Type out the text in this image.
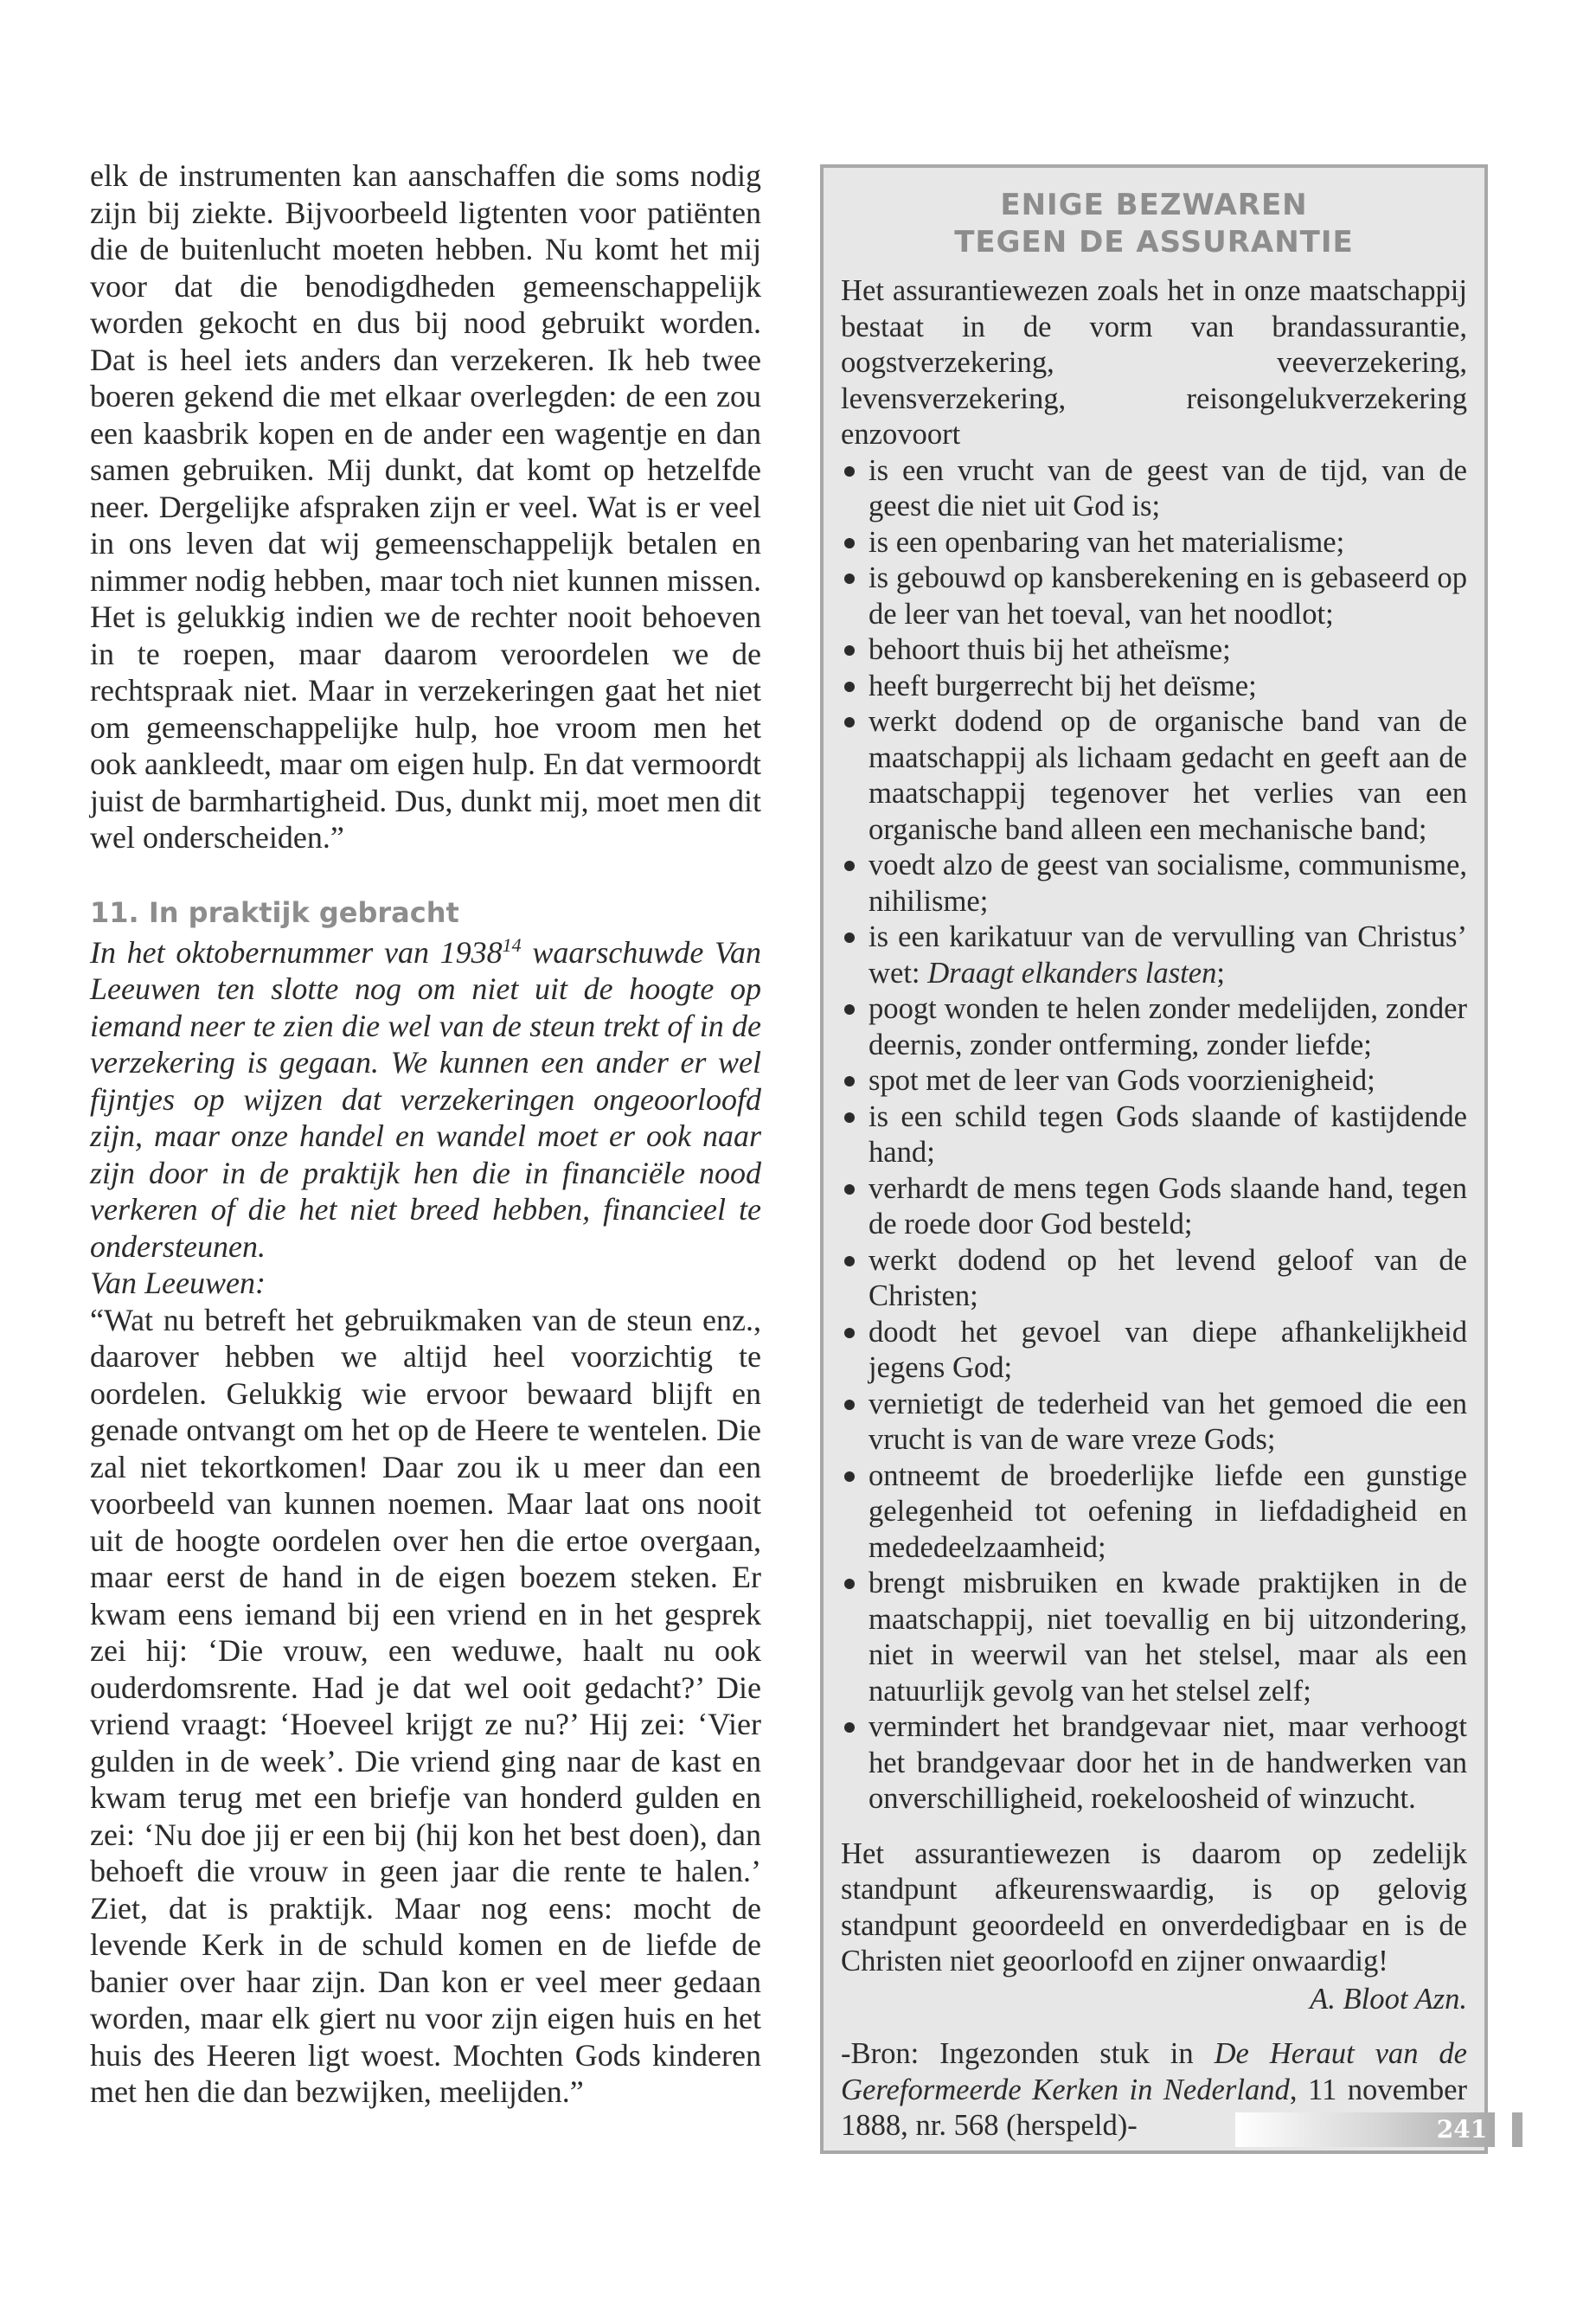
elk de instrumenten kan aanschaffen die soms nodig zijn bij ziekte. Bijvoorbeeld ligtenten voor patiënten die de buitenlucht moeten hebben. Nu komt het mij voor dat die benodigdheden gemeenschappelijk worden gekocht en dus bij nood gebruikt worden. Dat is heel iets anders dan verzekeren. Ik heb twee boeren gekend die met elkaar overlegden: de een zou een kaasbrik kopen en de ander een wagentje en dan samen gebruiken. Mij dunkt, dat komt op hetzelfde neer. Dergelijke afspraken zijn er veel. Wat is er veel in ons leven dat wij gemeenschappelijk betalen en nimmer nodig hebben, maar toch niet kunnen missen. Het is gelukkig indien we de rechter nooit behoeven in te roepen, maar daarom veroordelen we de rechtspraak niet. Maar in verzekeringen gaat het niet om gemeenschappelijke hulp, hoe vroom men het ook aankleedt, maar om eigen hulp. En dat vermoordt juist de barmhartigheid. Dus, dunkt mij, moet men dit wel onderscheiden.”

11. In praktijk gebracht

In het oktobernummer van 1938$^{14}$ waarschuwde Van Leeuwen ten slotte nog om niet uit de hoogte op iemand neer te zien die wel van de steun trekt of in de verzekering is gegaan. We kunnen een ander er wel fijntjes op wijzen dat verzekeringen ongeoorloofd zijn, maar onze handel en wandel moet er ook naar zijn door in de praktijk hen die in financiële nood verkeren of die het niet breed hebben, financieel te ondersteunen.
Van Leeuwen:

“Wat nu betreft het gebruikmaken van de steun enz., daarover hebben we altijd heel voorzichtig te oordelen. Gelukkig wie ervoor bewaard blijft en genade ontvangt om het op de Heere te wentelen. Die zal niet tekortkomen! Daar zou ik u meer dan een voorbeeld van kunnen noemen. Maar laat ons nooit uit de hoogte oordelen over hen die ertoe overgaan, maar eerst de hand in de eigen boezem steken. Er kwam eens iemand bij een vriend en in het gesprek zei hij: ‘Die vrouw, een weduwe, haalt nu ook ouderdomsrente. Had je dat wel ooit gedacht?’ Die vriend vraagt: ‘Hoeveel krijgt ze nu?’ Hij zei: ‘Vier gulden in de week’. Die vriend ging naar de kast en kwam terug met een briefje van honderd gulden en zei: ‘Nu doe jij er een bij (hij kon het best doen), dan behoeft die vrouw in geen jaar die rente te halen.’ Ziet, dat is praktijk. Maar nog eens: mocht de levende Kerk in de schuld komen en de liefde de banier over haar zijn. Dan kon er veel meer gedaan worden, maar elk giert nu voor zijn eigen huis en het huis des Heeren ligt woest. Mochten Gods kinderen met hen die dan bezwijken, meelijden.”

ENIGE BEZWAREN
TEGEN DE ASSURANTIE

Het assurantiewezen zoals het in onze maatschappij bestaat in de vorm van brandassurantie, oogstverzekering, veeverzekering, levensverzekering, reisongelukverzekering enzovoort

is een vrucht van de geest van de tijd, van de geest die niet uit God is;
is een openbaring van het materialisme;
is gebouwd op kansberekening en is gebaseerd op de leer van het toeval, van het noodlot;
behoort thuis bij het atheïsme;
heeft burgerrecht bij het deïsme;
werkt dodend op de organische band van de maatschappij als lichaam gedacht en geeft aan de maatschappij tegenover het verlies van een organische band alleen een mechanische band;
voedt alzo de geest van socialisme, communisme, nihilisme;
is een karikatuur van de vervulling van Christus’ wet: Draagt elkanders lasten;
poogt wonden te helen zonder medelijden, zonder deernis, zonder ontferming, zonder liefde;
spot met de leer van Gods voorzienigheid;
is een schild tegen Gods slaande of kastijdende hand;
verhardt de mens tegen Gods slaande hand, tegen de roede door God besteld;
werkt dodend op het levend geloof van de Christen;
doodt het gevoel van diepe afhankelijkheid jegens God;
vernietigt de tederheid van het gemoed die een vrucht is van de ware vreze Gods;
ontneemt de broederlijke liefde een gunstige gelegenheid tot oefening in liefdadigheid en mededeelzaamheid;
brengt misbruiken en kwade praktijken in de maatschappij, niet toevallig en bij uitzondering, niet in weerwil van het stelsel, maar als een natuurlijk gevolg van het stelsel zelf;
vermindert het brandgevaar niet, maar verhoogt het brandgevaar door het in de handwerken van onverschilligheid, roekeloosheid of winzucht.

Het assurantiewezen is daarom op zedelijk standpunt afkeurenswaardig, is op gelovig standpunt geoordeeld en onverdedigbaar en is de Christen niet geoorloofd en zijner onwaardig!

A. Bloot Azn.

-Bron: Ingezonden stuk in De Heraut van de Gereformeerde Kerken in Nederland, 11 november 1888, nr. 568 (herspeld)-	241
